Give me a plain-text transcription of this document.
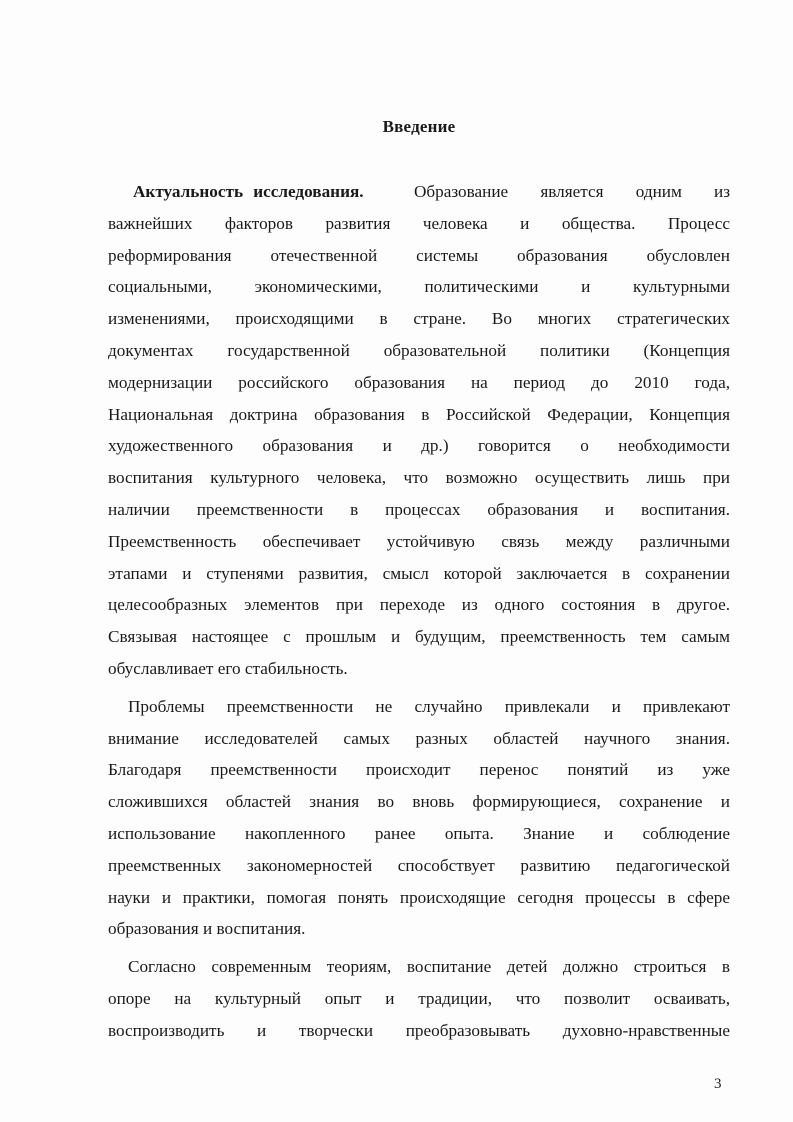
Введение
Актуальность исследования.	Образование является одним из
важнейших факторов развития человека и общества. Процесс
реформирования отечественной системы образования обусловлен
социальными, экономическими, политическими и культурными
изменениями, происходящими в стране. Во многих стратегических
документах государственной образовательной политики (Концепция
модернизации российского образования на период до 2010 года,
Национальная доктрина образования в Российской Федерации, Концепция
художественного образования и др.) говорится о необходимости
воспитания культурного человека, что возможно осуществить лишь при
наличии преемственности в процессах образования и воспитания.
Преемственность обеспечивает устойчивую связь между различными
этапами и ступенями развития, смысл которой заключается в сохранении
целесообразных элементов при переходе из одного состояния в другое.
Связывая настоящее с прошлым и будущим, преемственность тем самым
обуславливает его стабильность.
Проблемы преемственности не случайно привлекали и привлекают
внимание исследователей самых разных областей научного знания.
Благодаря преемственности происходит перенос понятий из уже
сложившихся областей знания во вновь формирующиеся, сохранение и
использование накопленного ранее опыта. Знание и соблюдение
преемственных закономерностей способствует развитию педагогической
науки и практики, помогая понять происходящие сегодня процессы в сфере
образования и воспитания.
Согласно современным теориям, воспитание детей должно строиться в
опоре на культурный опыт и традиции, что позволит осваивать,
воспроизводить и творчески преобразовывать духовно-нравственные
3
